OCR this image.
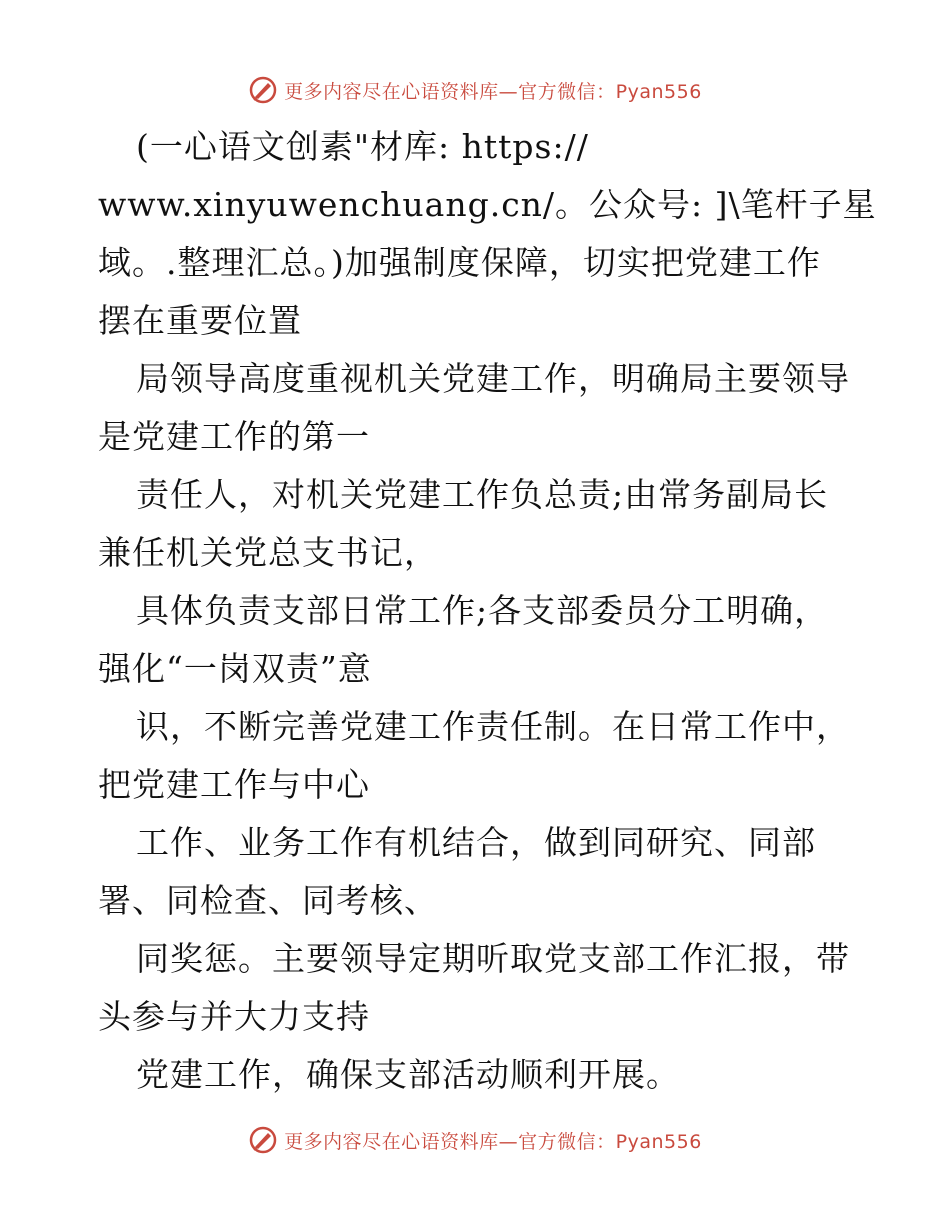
更多内容尽在心语资料库—官方微信：Pyan556
(一心语文创素"材库: https://
www.xinyuwenchuang.cn/。公众号: ]\笔杆子星
域。.整理汇总。)加强制度保障，切实把党建工作
摆在重要位置
局领导高度重视机关党建工作，明确局主要领导
是党建工作的第一
责任人，对机关党建工作负总责;由常务副局长
兼任机关党总支书记，
具体负责支部日常工作;各支部委员分工明确，
强化“一岗双责”意
识，不断完善党建工作责任制。在日常工作中，
把党建工作与中心
工作、业务工作有机结合，做到同研究、同部
署、同检查、同考核、
同奖惩。主要领导定期听取党支部工作汇报，带
头参与并大力支持
党建工作，确保支部活动顺利开展。
更多内容尽在心语资料库—官方微信：Pyan556
